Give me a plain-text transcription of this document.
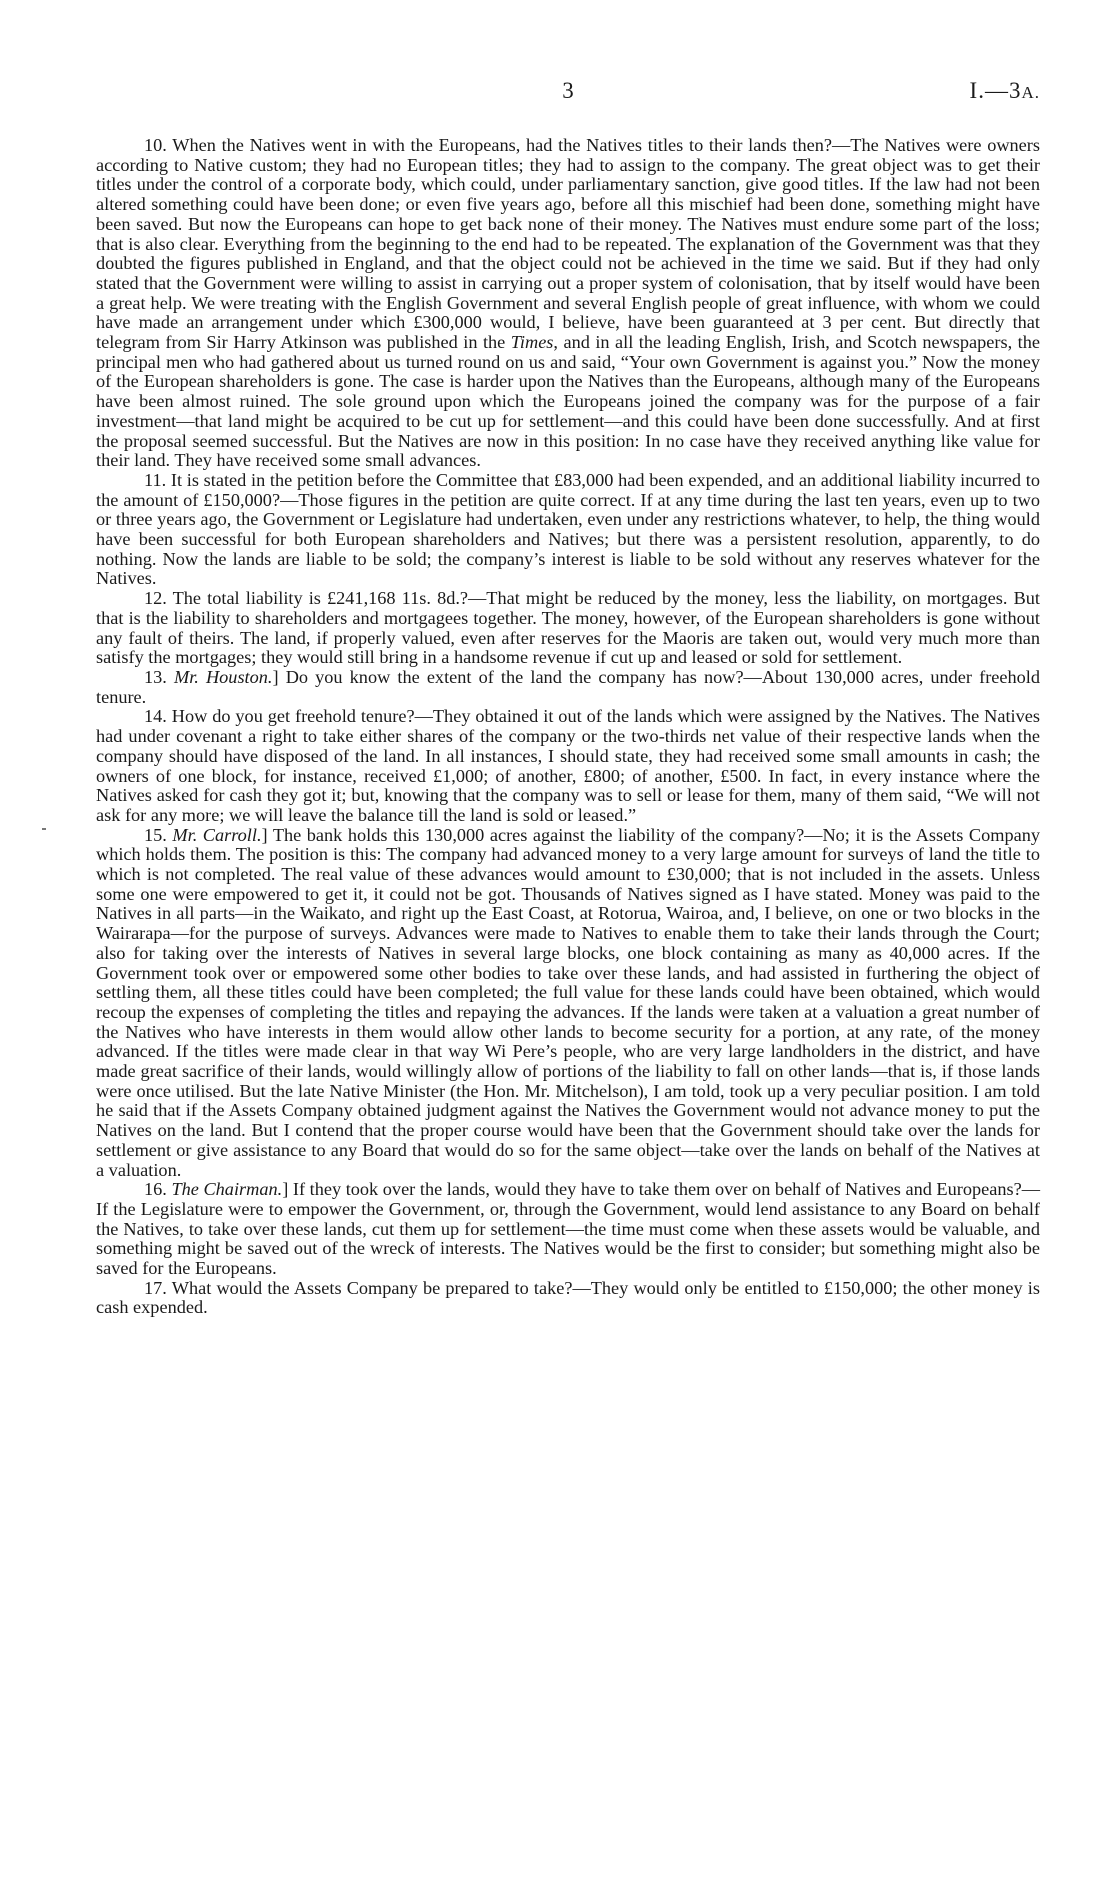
3	I.—3A.

10. When the Natives went in with the Europeans, had the Natives titles to their lands then?—The Natives were owners according to Native custom; they had no European titles; they had to assign to the company. The great object was to get their titles under the control of a corporate body, which could, under parliamentary sanction, give good titles. If the law had not been altered something could have been done; or even five years ago, before all this mischief had been done, something might have been saved. But now the Europeans can hope to get back none of their money. The Natives must endure some part of the loss; that is also clear. Everything from the beginning to the end had to be repeated. The explanation of the Government was that they doubted the figures published in England, and that the object could not be achieved in the time we said. But if they had only stated that the Government were willing to assist in carrying out a proper system of colonisation, that by itself would have been a great help. We were treating with the English Government and several English people of great influence, with whom we could have made an arrangement under which £300,000 would, I believe, have been guaranteed at 3 per cent. But directly that telegram from Sir Harry Atkinson was published in the Times, and in all the leading English, Irish, and Scotch newspapers, the principal men who had gathered about us turned round on us and said, “Your own Government is against you.” Now the money of the European shareholders is gone. The case is harder upon the Natives than the Europeans, although many of the Europeans have been almost ruined. The sole ground upon which the Europeans joined the company was for the purpose of a fair investment—that land might be acquired to be cut up for settlement—and this could have been done successfully. And at first the proposal seemed successful. But the Natives are now in this position: In no case have they received anything like value for their land. They have received some small advances.

11. It is stated in the petition before the Committee that £83,000 had been expended, and an additional liability incurred to the amount of £150,000?—Those figures in the petition are quite correct. If at any time during the last ten years, even up to two or three years ago, the Government or Legislature had undertaken, even under any restrictions whatever, to help, the thing would have been successful for both European shareholders and Natives; but there was a persistent resolution, apparently, to do nothing. Now the lands are liable to be sold; the company’s interest is liable to be sold without any reserves whatever for the Natives.

12. The total liability is £241,168 11s. 8d.?—That might be reduced by the money, less the liability, on mortgages. But that is the liability to shareholders and mortgagees together. The money, however, of the European shareholders is gone without any fault of theirs. The land, if properly valued, even after reserves for the Maoris are taken out, would very much more than satisfy the mortgages; they would still bring in a handsome revenue if cut up and leased or sold for settlement.

13. Mr. Houston.] Do you know the extent of the land the company has now?—About 130,000 acres, under freehold tenure.

14. How do you get freehold tenure?—They obtained it out of the lands which were assigned by the Natives. The Natives had under covenant a right to take either shares of the company or the two-thirds net value of their respective lands when the company should have disposed of the land. In all instances, I should state, they had received some small amounts in cash; the owners of one block, for instance, received £1,000; of another, £800; of another, £500. In fact, in every instance where the Natives asked for cash they got it; but, knowing that the company was to sell or lease for them, many of them said, “We will not ask for any more; we will leave the balance till the land is sold or leased.”

15. Mr. Carroll.] The bank holds this 130,000 acres against the liability of the company?—No; it is the Assets Company which holds them. The position is this: The company had advanced money to a very large amount for surveys of land the title to which is not completed. The real value of these advances would amount to £30,000; that is not included in the assets. Unless some one were empowered to get it, it could not be got. Thousands of Natives signed as I have stated. Money was paid to the Natives in all parts—in the Waikato, and right up the East Coast, at Rotorua, Wairoa, and, I believe, on one or two blocks in the Wairarapa—for the purpose of surveys. Advances were made to Natives to enable them to take their lands through the Court; also for taking over the interests of Natives in several large blocks, one block containing as many as 40,000 acres. If the Government took over or empowered some other bodies to take over these lands, and had assisted in furthering the object of settling them, all these titles could have been completed; the full value for these lands could have been obtained, which would recoup the expenses of completing the titles and repaying the advances. If the lands were taken at a valuation a great number of the Natives who have interests in them would allow other lands to become security for a portion, at any rate, of the money advanced. If the titles were made clear in that way Wi Pere’s people, who are very large landholders in the district, and have made great sacrifice of their lands, would willingly allow of portions of the liability to fall on other lands—that is, if those lands were once utilised. But the late Native Minister (the Hon. Mr. Mitchelson), I am told, took up a very peculiar position. I am told he said that if the Assets Company obtained judgment against the Natives the Government would not advance money to put the Natives on the land. But I contend that the proper course would have been that the Government should take over the lands for settlement or give assistance to any Board that would do so for the same object—take over the lands on behalf of the Natives at a valuation.

16. The Chairman.] If they took over the lands, would they have to take them over on behalf of Natives and Europeans?—If the Legislature were to empower the Government, or, through the Government, would lend assistance to any Board on behalf the Natives, to take over these lands, cut them up for settlement—the time must come when these assets would be valuable, and something might be saved out of the wreck of interests. The Natives would be the first to consider; but something might also be saved for the Europeans.

17. What would the Assets Company be prepared to take?—They would only be entitled to £150,000; the other money is cash expended.
